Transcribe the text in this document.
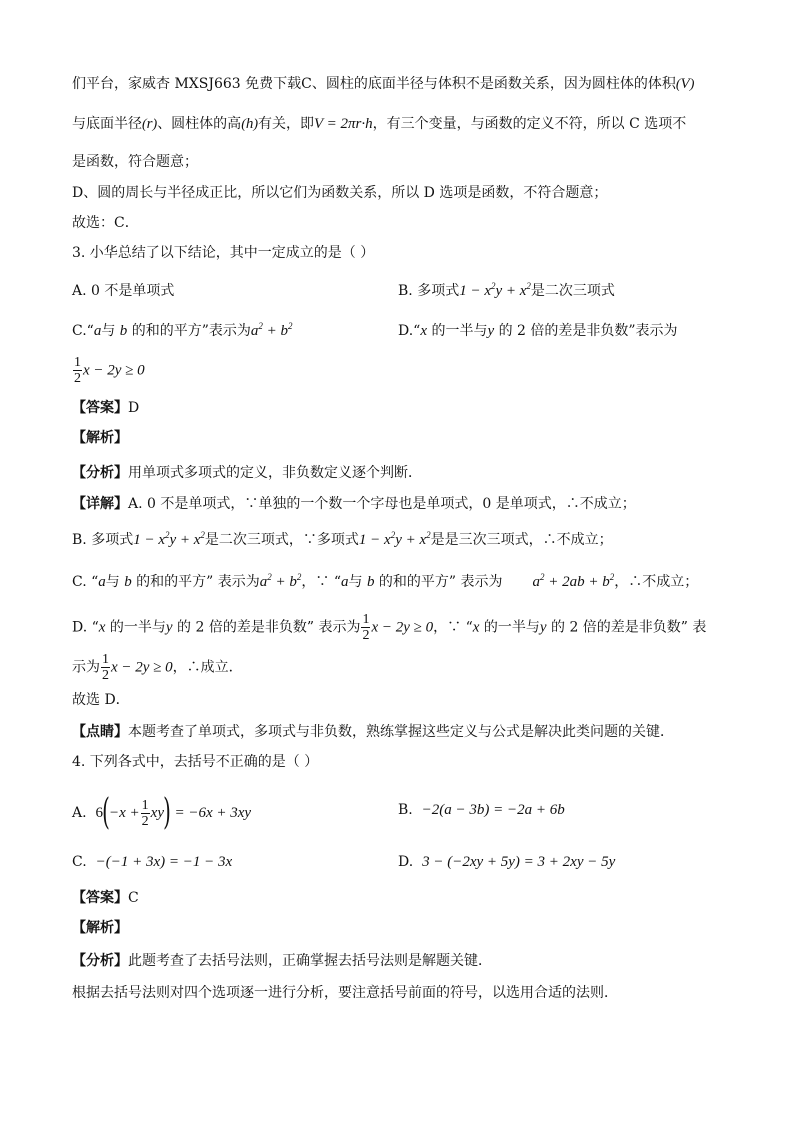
们平台，家威杏 MXSJ663 免费下载C、圆柱的底面半径与体积不是函数关系，因为圆柱体的体积(V)
与底面半径(r)、圆柱体的高(h)有关，即V = 2πr·h，有三个变量，与函数的定义不符，所以 C 选项不
是函数，符合题意；
D、圆的周长与半径成正比，所以它们为函数关系，所以 D 选项是函数，不符合题意；
故选：C．
3. 小华总结了以下结论，其中一定成立的是（ ）
A. 0 不是单项式	B. 多项式$1 - x^2y + x^2$是二次三项式
C.“a与 b 的和的平方”表示为$a^2 + b^2$	D.“x 的一半与y 的 2 倍的差是非负数”表示为
$\frac{1}{2}$ x − 2y ≥ 0
【答案】D
【解析】
【分析】用单项式多项式的定义，非负数定义逐个判断．
【详解】A. 0 不是单项式，∵单独的一个数一个字母也是单项式，0 是单项式，∴不成立；
B. 多项式$1 - x^2y + x^2$是二次三项式，∵多项式$1 - x^2y + x^2$是是三次三项式，∴不成立；
C. “a与 b 的和的平方” 表示为$a^2 + b^2$，∵ “a与 b 的和的平方” 表示为 $a^2 + 2ab + b^2$，∴不成立；
D. “x 的一半与y 的 2 倍的差是非负数” 表示为 $\frac{1}{2}$ x − 2y ≥ 0，∵ “x 的一半与y 的 2 倍的差是非负数” 表
示为 $\frac{1}{2}$ x − 2y ≥ 0，∴成立．
故选 D．
【点睛】本题考查了单项式，多项式与非负数，熟练掌握这些定义与公式是解决此类问题的关键．
4. 下列各式中，去括号不正确的是（ ）
A. $6(-x + \frac{1}{2} xy) = -6x + 3xy$	B. −2(a − 3b) = −2a + 6b
C. −(−1 + 3x) = −1 − 3x	D. 3 − (−2xy + 5y) = 3 + 2xy − 5y
【答案】C
【解析】
【分析】此题考查了去括号法则，正确掌握去括号法则是解题关键．
根据去括号法则对四个选项逐一进行分析，要注意括号前面的符号，以选用合适的法则．
